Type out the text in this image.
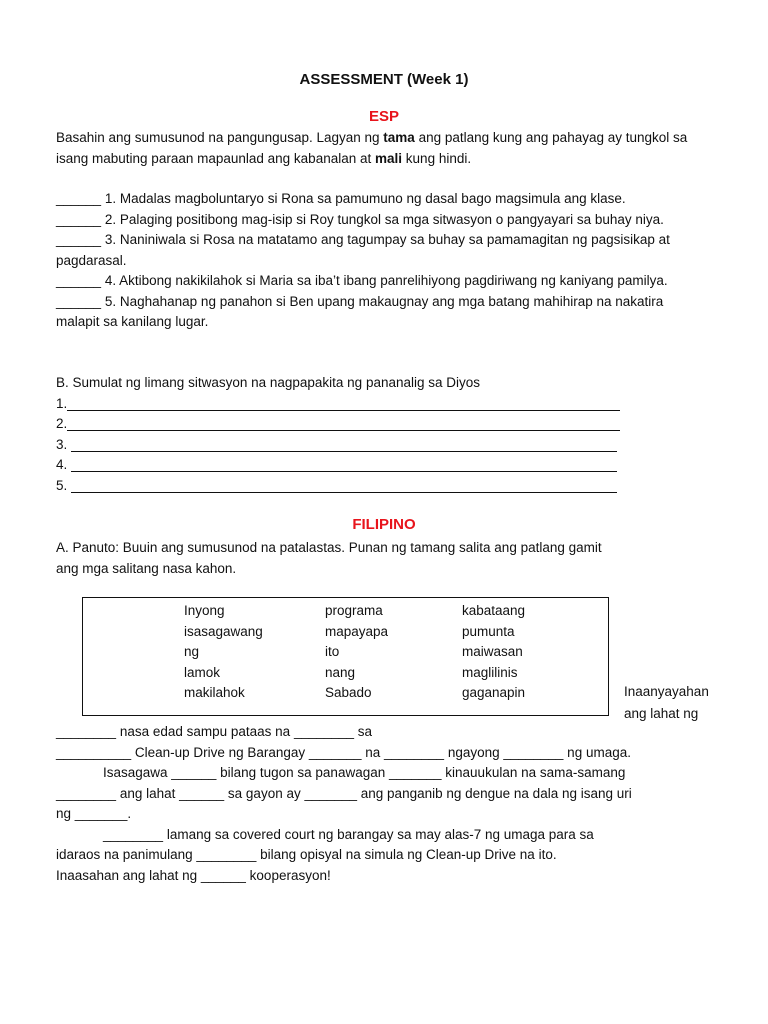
ASSESSMENT (Week 1)
ESP
Basahin ang sumusunod na pangungusap. Lagyan ng tama ang patlang kung ang pahayag ay tungkol sa
isang mabuting paraan mapaunlad ang kabanalan at mali kung hindi.
______ 1. Madalas magboluntaryo si Rona sa pamumuno ng dasal bago magsimula ang klase.
______ 2. Palaging positibong mag-isip si Roy tungkol sa mga sitwasyon o pangyayari sa buhay niya.
______ 3. Naniniwala si Rosa na matatamo ang tagumpay sa buhay sa pamamagitan ng pagsisikap at
pagdarasal.
______ 4. Aktibong nakikilahok si Maria sa iba’t ibang panrelihiyong pagdiriwang ng kaniyang pamilya.
______ 5. Naghahanap ng panahon si Ben upang makaugnay ang mga batang mahihirap na nakatira
malapit sa kanilang lugar.
B. Sumulat ng limang sitwasyon na nagpapakita ng pananalig sa Diyos
1.
2.
3.
4.
5.
FILIPINO
A. Panuto: Buuin ang sumusunod na patalastas. Punan ng tamang salita ang patlang gamit
ang mga salitang nasa kahon.
Inyong	programa	kabataang
isasagawang	mapayapa	pumunta
ng	ito	maiwasan
lamok	nang	maglilinis
makilahok	Sabado	gaganapin	Inaanyayahan
ang lahat ng
________ nasa edad sampu pataas na ________ sa
__________ Clean-up Drive ng Barangay _______ na ________ ngayong ________ ng umaga.
Isasagawa ______ bilang tugon sa panawagan _______ kinauukulan na sama-samang
________ ang lahat ______ sa gayon ay _______ ang panganib ng dengue na dala ng isang uri
ng _______.
________ lamang sa covered court ng barangay sa may alas-7 ng umaga para sa
idaraos na panimulang ________ bilang opisyal na simula ng Clean-up Drive na ito.
Inaasahan ang lahat ng ______ kooperasyon!
